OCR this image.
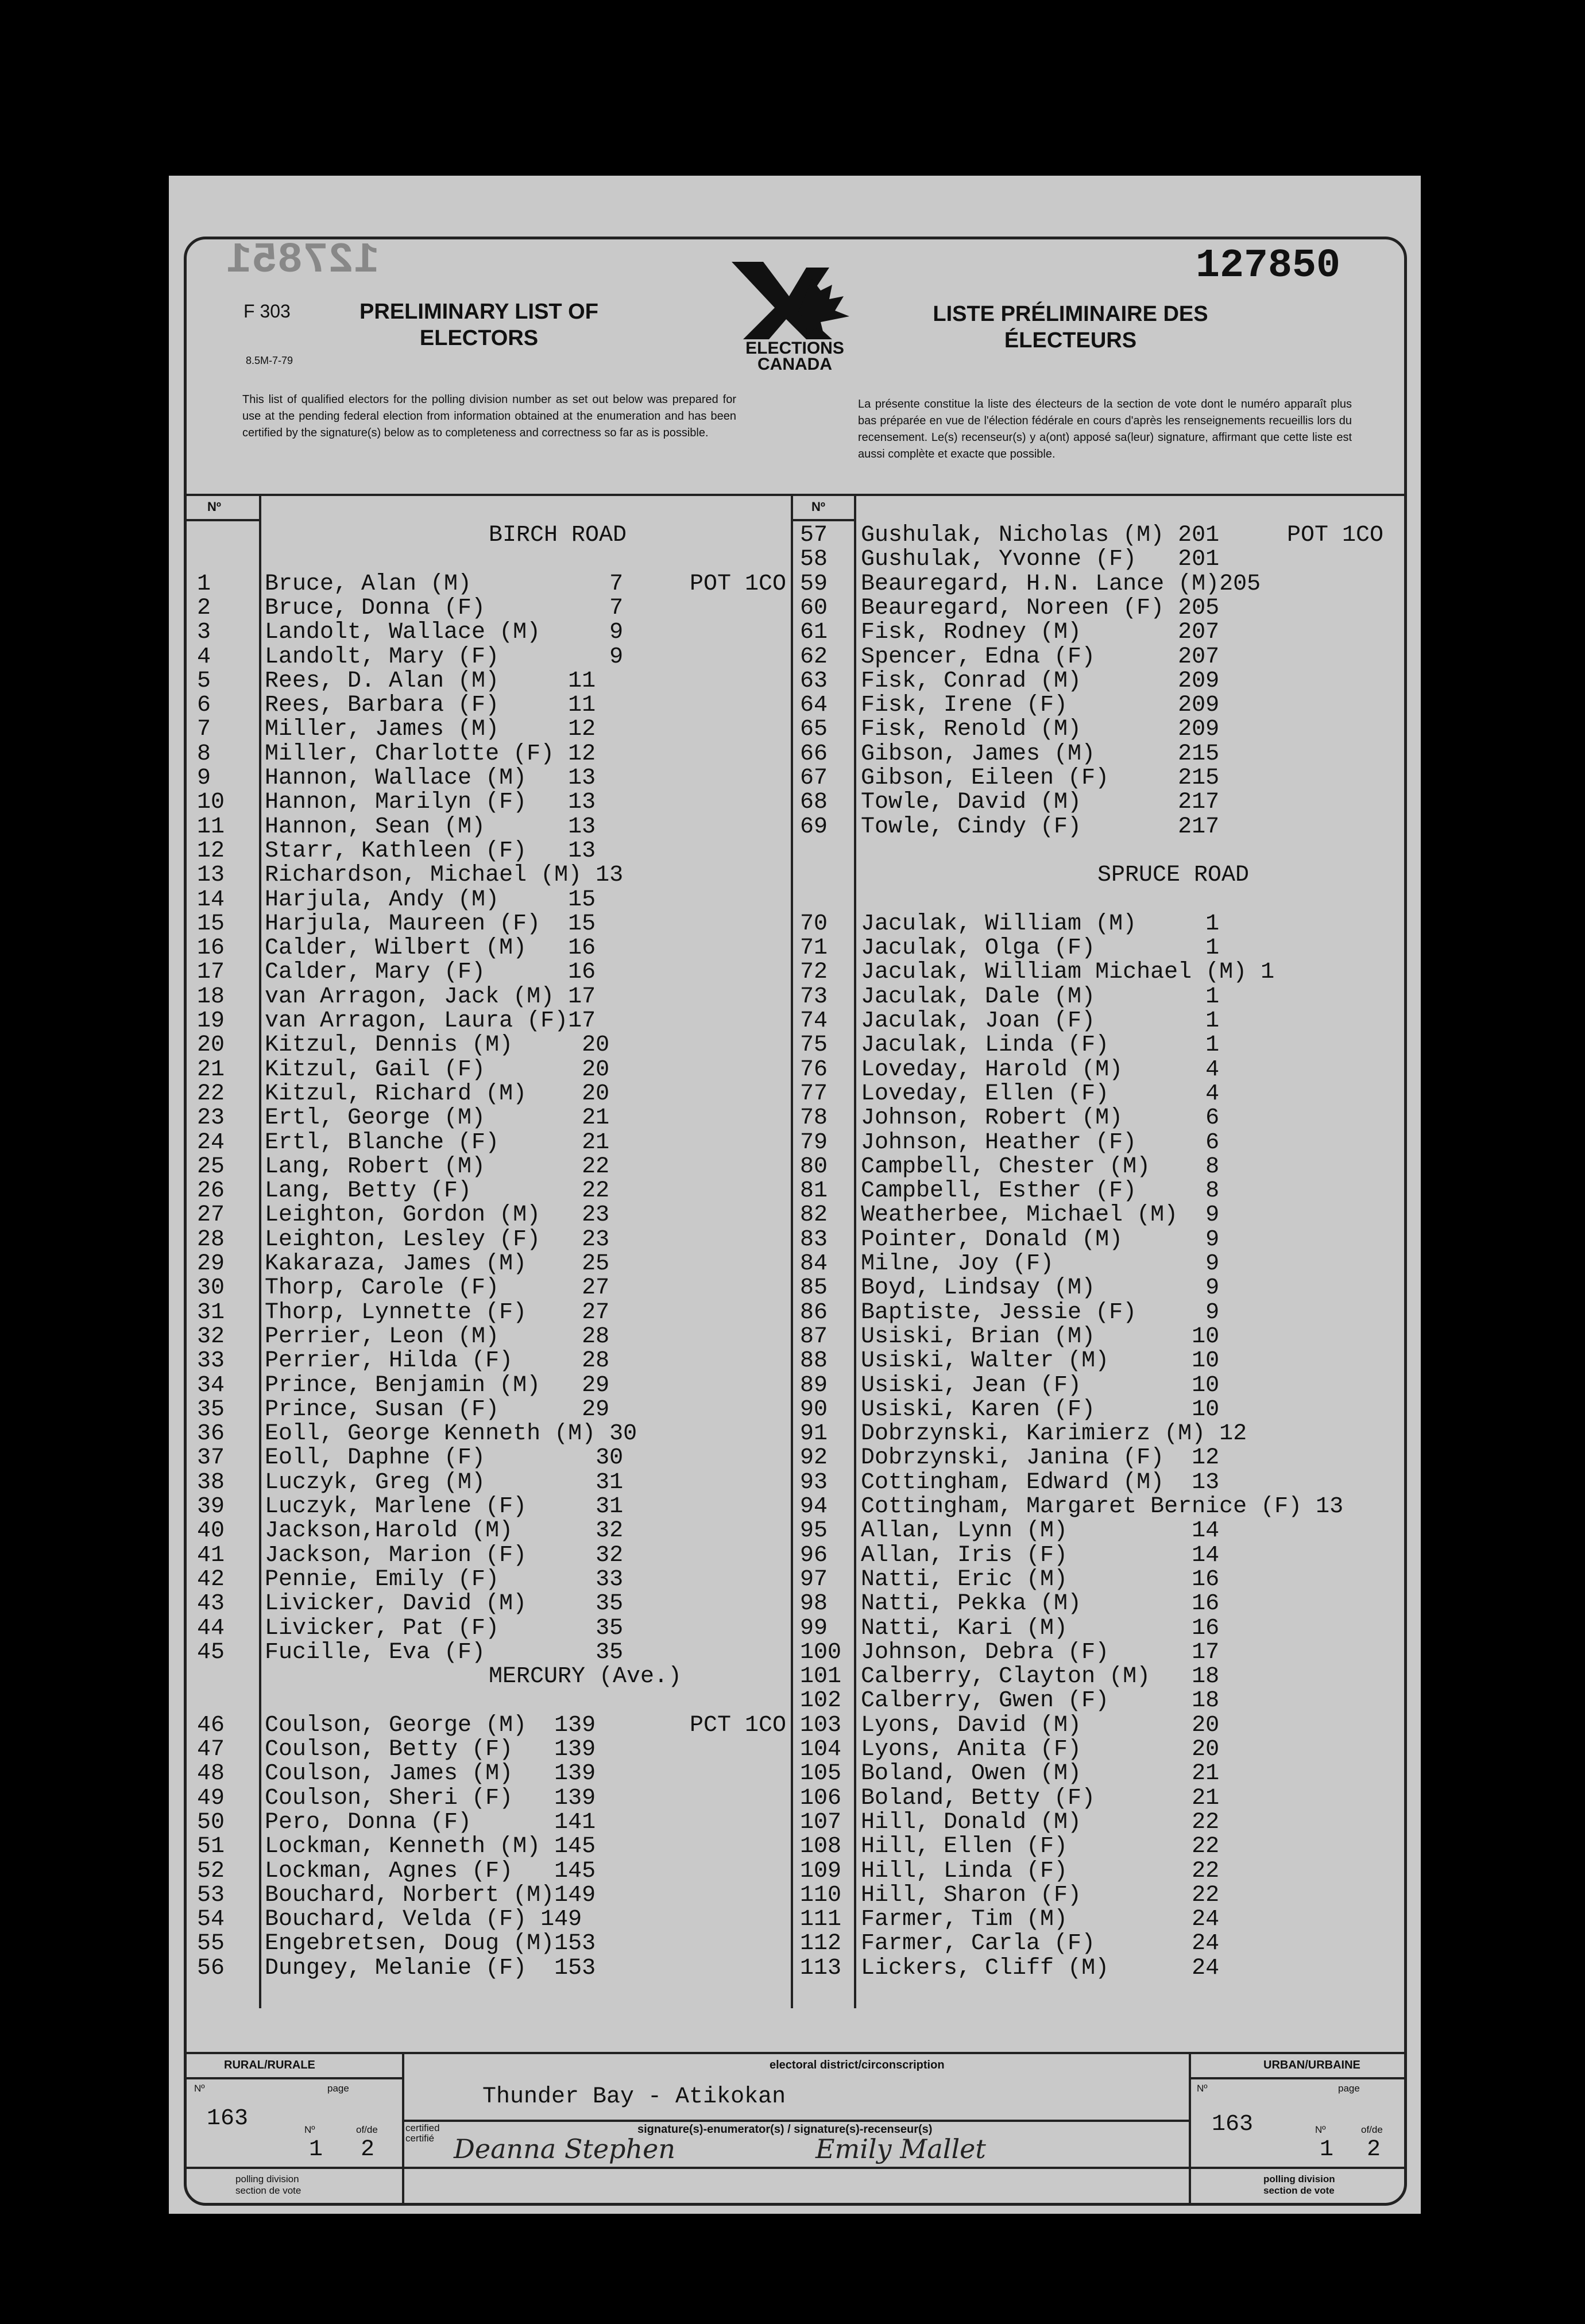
127851	127850
F 303
8.5M-7-79
PRELIMINARY LIST OF
ELECTORS
LISTE PRÉLIMINAIRE DES
ÉLECTEURS
ELECTIONS
CANADA
This list of qualified electors for the polling division number as set out below was prepared for use at the pending federal election from information obtained at the enumeration and has been certified by the signature(s) below as to completeness and correctness so far as is possible.
La présente constitue la liste des électeurs de la section de vote dont le numéro apparaît plus bas préparée en vue de l'élection fédérale en cours d'après les renseignements recueillis lors du recensement. Le(s) recenseur(s) y a(ont) apposé sa(leur) signature, affirmant que cette liste est aussi complète et exacte que possible.
Nº	Nº
BIRCH ROAD
POT 1CO
MERCURY (Ave.)
PCT 1CO
1	Bruce, Alan (M)          7
2	Bruce, Donna (F)         7
3	Landolt, Wallace (M)     9
4	Landolt, Mary (F)        9
5	Rees, D. Alan (M)     11
6	Rees, Barbara (F)     11
7	Miller, James (M)     12
8	Miller, Charlotte (F) 12
9	Hannon, Wallace (M)   13
10	Hannon, Marilyn (F)   13
11	Hannon, Sean (M)      13
12	Starr, Kathleen (F)   13
13	Richardson, Michael (M) 13
14	Harjula, Andy (M)     15
15	Harjula, Maureen (F)  15
16	Calder, Wilbert (M)   16
17	Calder, Mary (F)      16
18	van Arragon, Jack (M) 17
19	van Arragon, Laura (F)17
20	Kitzul, Dennis (M)     20
21	Kitzul, Gail (F)       20
22	Kitzul, Richard (M)    20
23	Ertl, George (M)       21
24	Ertl, Blanche (F)      21
25	Lang, Robert (M)       22
26	Lang, Betty (F)        22
27	Leighton, Gordon (M)   23
28	Leighton, Lesley (F)   23
29	Kakaraza, James (M)    25
30	Thorp, Carole (F)      27
31	Thorp, Lynnette (F)    27
32	Perrier, Leon (M)      28
33	Perrier, Hilda (F)     28
34	Prince, Benjamin (M)   29
35	Prince, Susan (F)      29
36	Eoll, George Kenneth (M) 30
37	Eoll, Daphne (F)        30
38	Luczyk, Greg (M)        31
39	Luczyk, Marlene (F)     31
40	Jackson,Harold (M)      32
41	Jackson, Marion (F)     32
42	Pennie, Emily (F)       33
43	Livicker, David (M)     35
44	Livicker, Pat (F)       35
45	Fucille, Eva (F)        35
46	Coulson, George (M)  139
47	Coulson, Betty (F)   139
48	Coulson, James (M)   139
49	Coulson, Sheri (F)   139
50	Pero, Donna (F)      141
51	Lockman, Kenneth (M) 145
52	Lockman, Agnes (F)   145
53	Bouchard, Norbert (M)149
54	Bouchard, Velda (F) 149
55	Engebretsen, Doug (M)153
56	Dungey, Melanie (F)  153
POT 1CO
SPRUCE ROAD
57	Gushulak, Nicholas (M) 201
58	Gushulak, Yvonne (F)   201
59	Beauregard, H.N. Lance (M)205
60	Beauregard, Noreen (F) 205
61	Fisk, Rodney (M)       207
62	Spencer, Edna (F)      207
63	Fisk, Conrad (M)       209
64	Fisk, Irene (F)        209
65	Fisk, Renold (M)       209
66	Gibson, James (M)      215
67	Gibson, Eileen (F)     215
68	Towle, David (M)       217
69	Towle, Cindy (F)       217
70	Jaculak, William (M)     1
71	Jaculak, Olga (F)        1
72	Jaculak, William Michael (M) 1
73	Jaculak, Dale (M)        1
74	Jaculak, Joan (F)        1
75	Jaculak, Linda (F)       1
76	Loveday, Harold (M)      4
77	Loveday, Ellen (F)       4
78	Johnson, Robert (M)      6
79	Johnson, Heather (F)     6
80	Campbell, Chester (M)    8
81	Campbell, Esther (F)     8
82	Weatherbee, Michael (M)  9
83	Pointer, Donald (M)      9
84	Milne, Joy (F)           9
85	Boyd, Lindsay (M)        9
86	Baptiste, Jessie (F)     9
87	Usiski, Brian (M)       10
88	Usiski, Walter (M)      10
89	Usiski, Jean (F)        10
90	Usiski, Karen (F)       10
91	Dobrzynski, Karimierz (M) 12
92	Dobrzynski, Janina (F)  12
93	Cottingham, Edward (M)  13
94	Cottingham, Margaret Bernice (F) 13
95	Allan, Lynn (M)         14
96	Allan, Iris (F)         14
97	Natti, Eric (M)         16
98	Natti, Pekka (M)        16
99	Natti, Kari (M)         16
100 Johnson, Debra (F)      17
101 Calberry, Clayton (M)   18
102 Calberry, Gwen (F)      18
103 Lyons, David (M)        20
104 Lyons, Anita (F)        20
105 Boland, Owen (M)        21
106 Boland, Betty (F)       21
107 Hill, Donald (M)        22
108 Hill, Ellen (F)         22
109 Hill, Linda (F)         22
110 Hill, Sharon (F)        22
111 Farmer, Tim (M)         24
112 Farmer, Carla (F)       24
113 Lickers, Cliff (M)      24
RURAL/RURALE	URBAN/URBAINE
electoral district/circonscription
Nº	page
163	Nº	of/de
1 2
polling division
section de vote
Thunder Bay - Atikokan
certified
certifié
signature(s)-enumerator(s) / signature(s)-recenseur(s)
Deanna Stephen	Emily Mallet
Nº	page
163	Nº	of/de
1 2
polling division
section de vote
